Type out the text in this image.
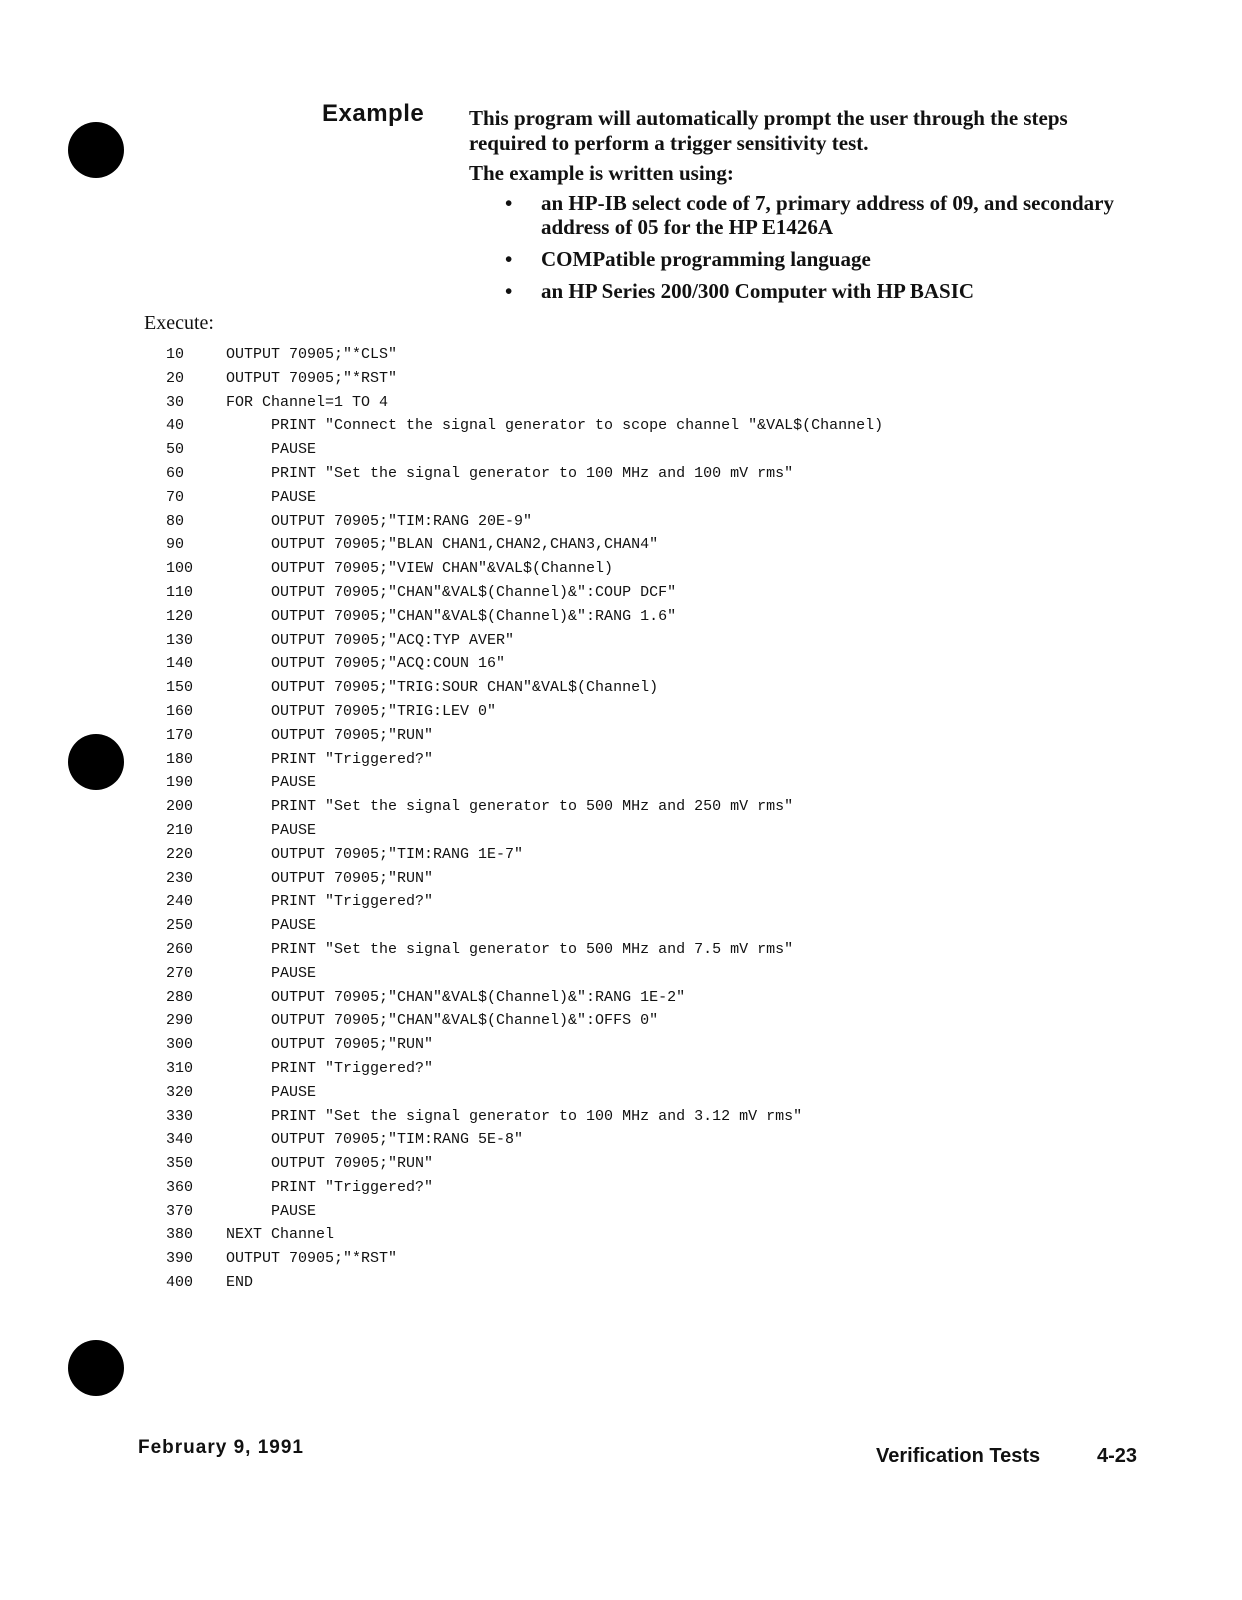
Example This program will automatically prompt the user through the steps required to perform a trigger sensitivity test.

The example is written using:

• an HP-IB select code of 7, primary address of 09, and secondary address of 05 for the HP E1426A
• COMPatible programming language
• an HP Series 200/300 Computer with HP BASIC
Execute:
10	OUTPUT 70905;"*CLS"
20	OUTPUT 70905;"*RST"
30	FOR Channel=1 TO 4
40	PRINT "Connect the signal generator to scope channel "&VAL$(Channel)
50	PAUSE
60	PRINT "Set the signal generator to 100 MHz and 100 mV rms"
70	PAUSE
80	OUTPUT 70905;"TIM:RANG 20E-9"
90	OUTPUT 70905;"BLAN CHAN1,CHAN2,CHAN3,CHAN4"
100	OUTPUT 70905;"VIEW CHAN"&VAL$(Channel)
110	OUTPUT 70905;"CHAN"&VAL$(Channel)&":COUP DCF"
120	OUTPUT 70905;"CHAN"&VAL$(Channel)&":RANG 1.6"
130	OUTPUT 70905;"ACQ:TYP AVER"
140	OUTPUT 70905;"ACQ:COUN 16"
150	OUTPUT 70905;"TRIG:SOUR CHAN"&VAL$(Channel)
160	OUTPUT 70905;"TRIG:LEV 0"
170	OUTPUT 70905;"RUN"
180	PRINT "Triggered?"
190	PAUSE
200	PRINT "Set the signal generator to 500 MHz and 250 mV rms"
210	PAUSE
220	OUTPUT 70905;"TIM:RANG 1E-7"
230	OUTPUT 70905;"RUN"
240	PRINT "Triggered?"
250	PAUSE
260	PRINT "Set the signal generator to 500 MHz and 7.5 mV rms"
270	PAUSE
280	OUTPUT 70905;"CHAN"&VAL$(Channel)&":RANG 1E-2"
290	OUTPUT 70905;"CHAN"&VAL$(Channel)&":OFFS 0"
300	OUTPUT 70905;"RUN"
310	PRINT "Triggered?"
320	PAUSE
330	PRINT "Set the signal generator to 100 MHz and 3.12 mV rms"
340	OUTPUT 70905;"TIM:RANG 5E-8"
350	OUTPUT 70905;"RUN"
360	PRINT "Triggered?"
370	PAUSE
380	NEXT Channel
390	OUTPUT 70905;"*RST"
400	END
February 9, 1991	Verification Tests	4-23
